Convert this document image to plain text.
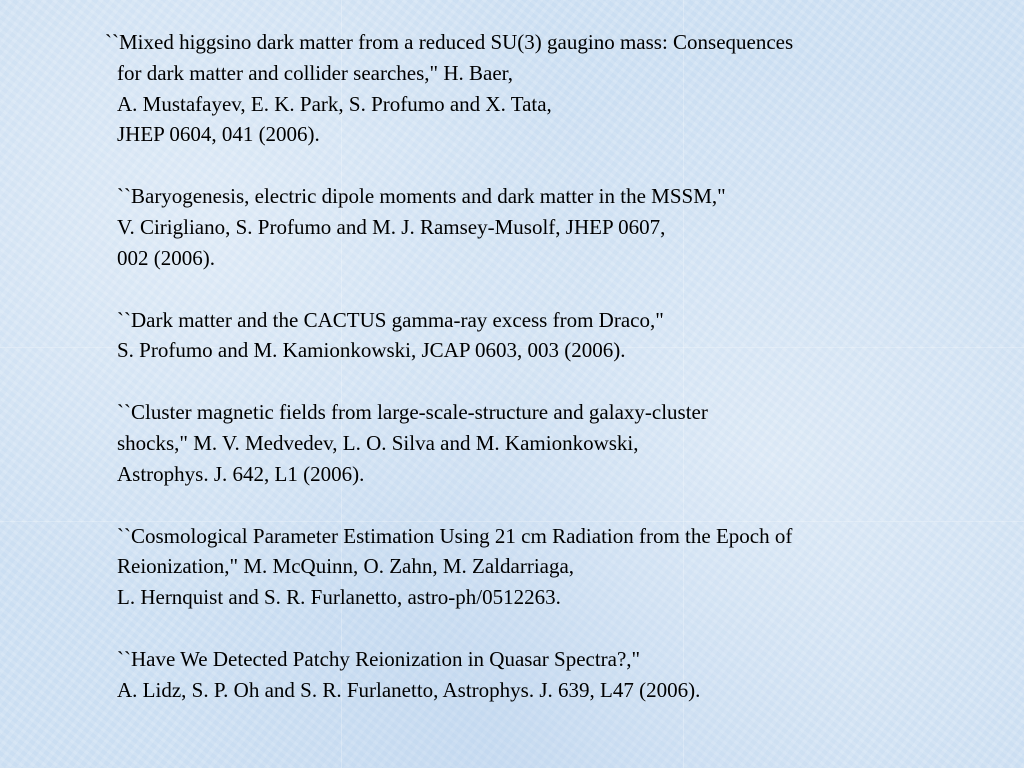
``Mixed higgsino dark matter from a reduced SU(3) gaugino mass: Consequences
for dark matter and collider searches," H. Baer,
A. Mustafayev, E. K. Park, S. Profumo and X. Tata,
JHEP 0604, 041 (2006).
``Baryogenesis, electric dipole moments and dark matter in the MSSM,"
V. Cirigliano, S. Profumo and M. J. Ramsey-Musolf, JHEP 0607,
002 (2006).
``Dark matter and the CACTUS gamma-ray excess from Draco,"
S. Profumo and M. Kamionkowski, JCAP 0603, 003 (2006).
``Cluster magnetic fields from large-scale-structure and galaxy-cluster
shocks," M. V. Medvedev, L. O. Silva and M. Kamionkowski,
Astrophys. J. 642, L1 (2006).
``Cosmological Parameter Estimation Using 21 cm Radiation from the Epoch of
Reionization," M. McQuinn, O. Zahn, M. Zaldarriaga,
L. Hernquist and S. R. Furlanetto, astro-ph/0512263.
``Have We Detected Patchy Reionization in Quasar Spectra?,"
A. Lidz, S. P. Oh and S. R. Furlanetto, Astrophys. J. 639, L47 (2006).
